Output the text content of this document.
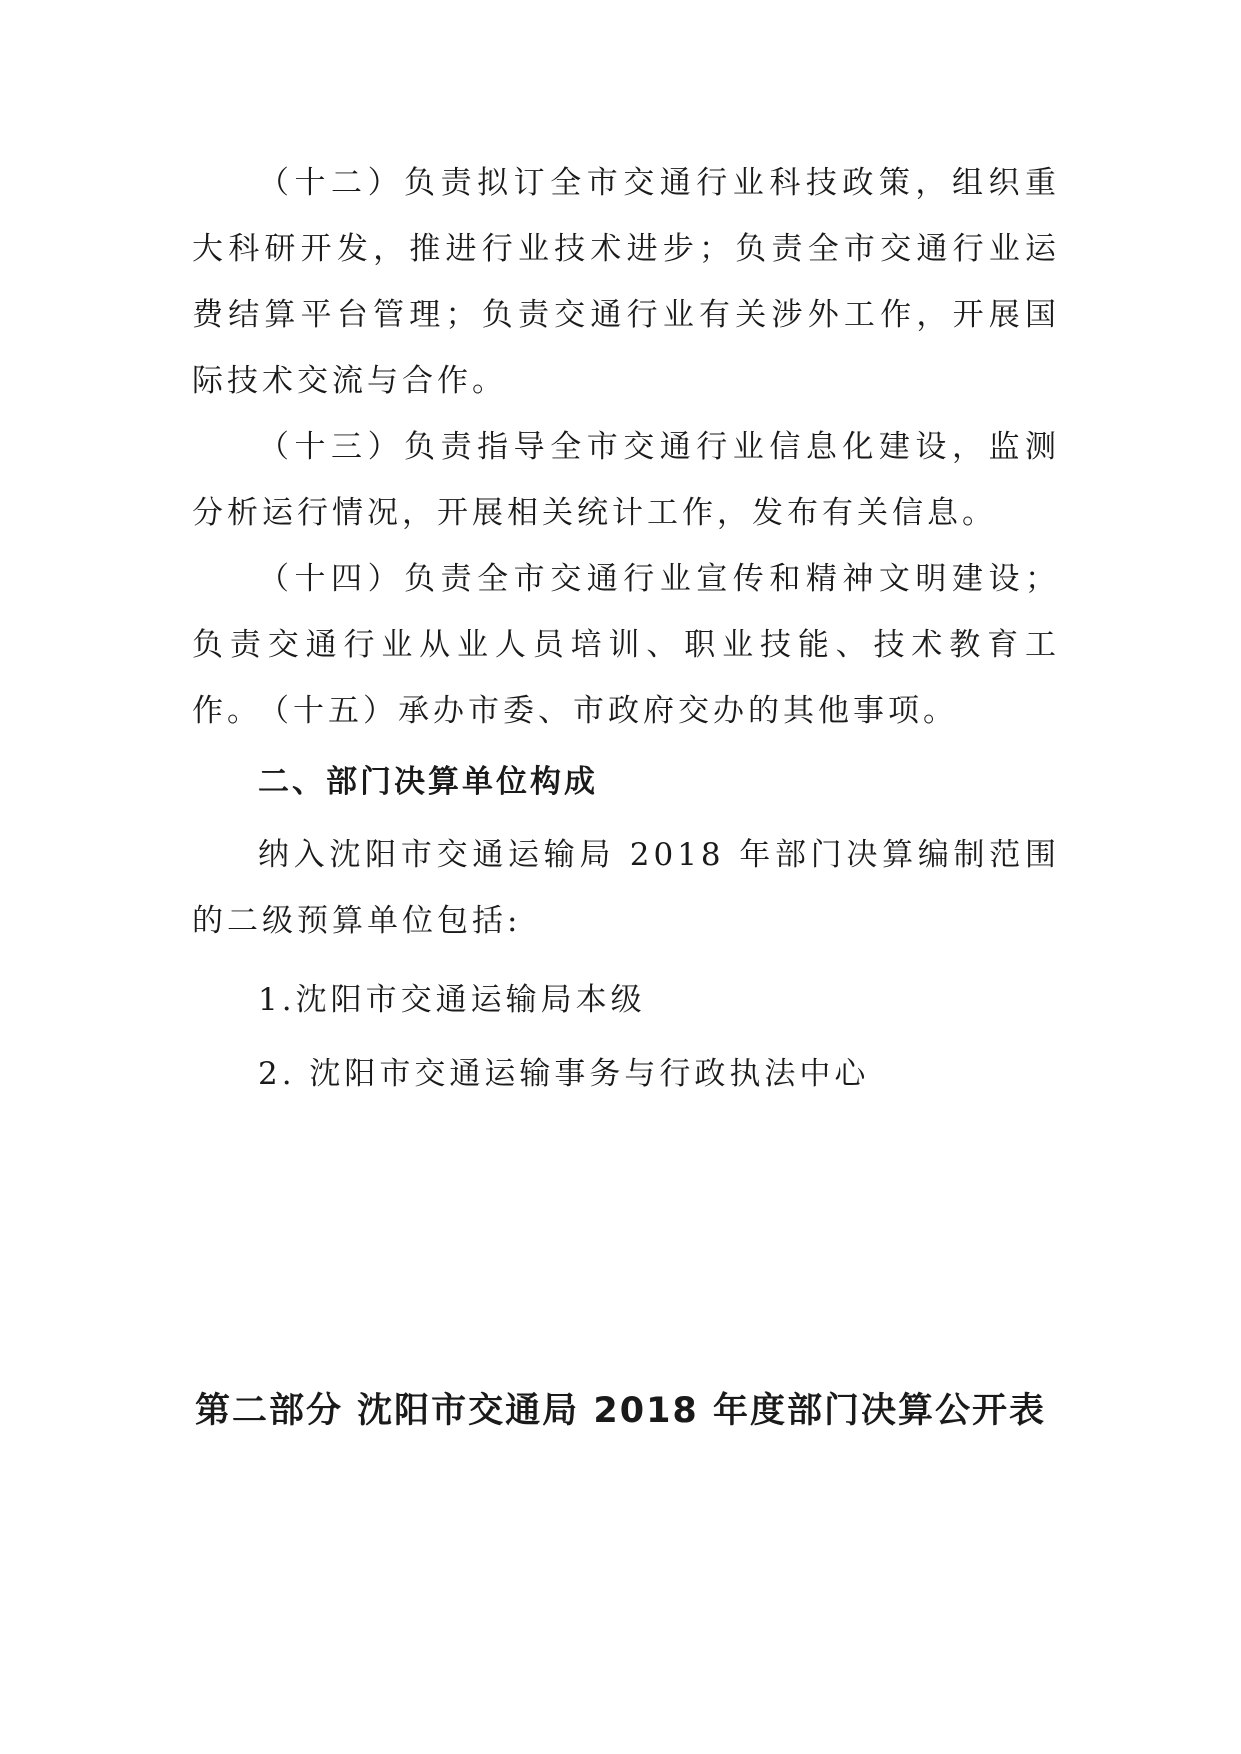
（十二）负责拟订全市交通行业科技政策，组织重大科研开发，推进行业技术进步；负责全市交通行业运费结算平台管理；负责交通行业有关涉外工作，开展国际技术交流与合作。

（十三）负责指导全市交通行业信息化建设，监测分析运行情况，开展相关统计工作，发布有关信息。

（十四）负责全市交通行业宣传和精神文明建设；负责交通行业从业人员培训、职业技能、技术教育工作。

（十五）承办市委、市政府交办的其他事项。

二、部门决算单位构成

纳入沈阳市交通运输局 2018 年部门决算编制范围的二级预算单位包括:

1.沈阳市交通运输局本级

2. 沈阳市交通运输事务与行政执法中心

第二部分 沈阳市交通局 2018 年度部门决算公开表
